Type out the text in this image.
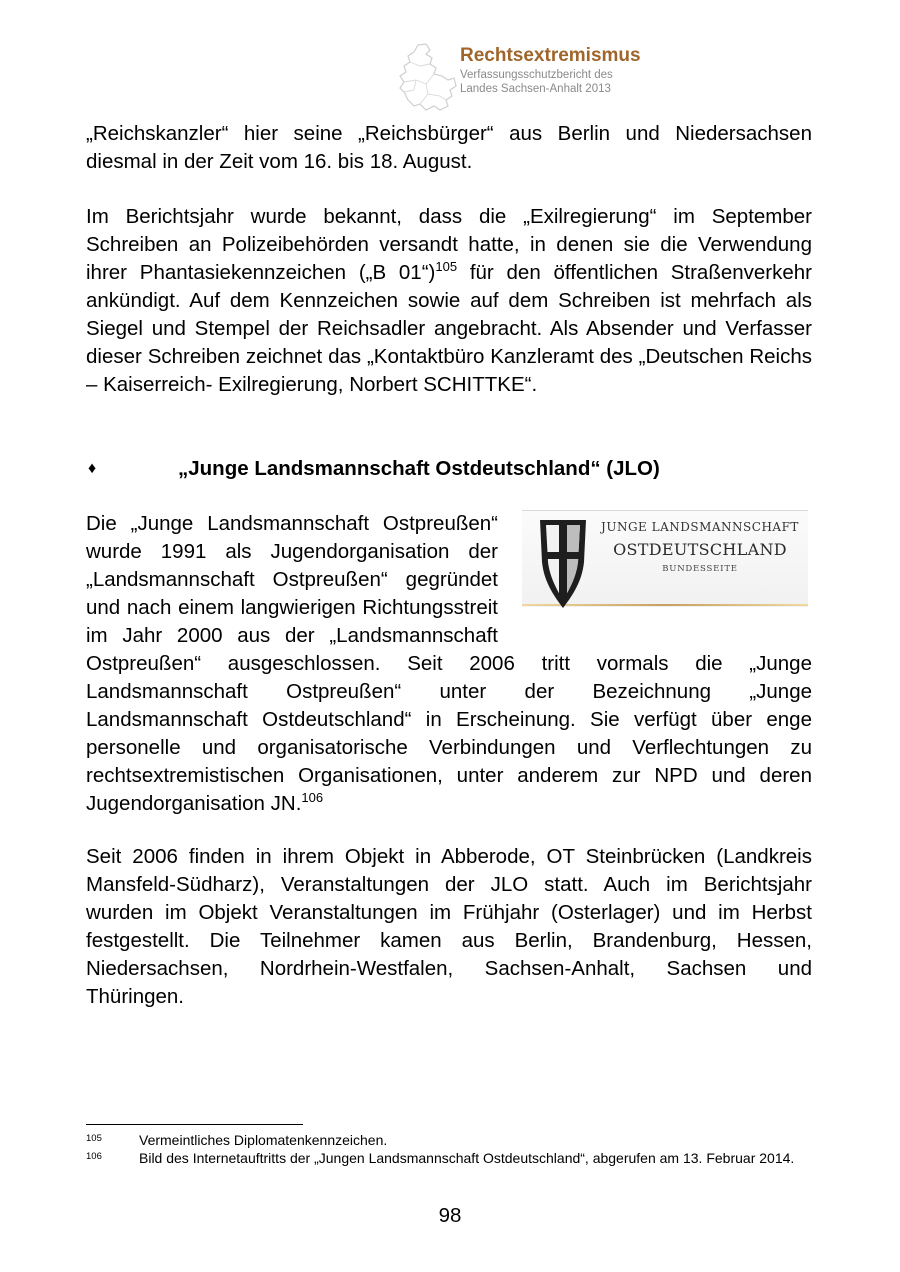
Rechtsextremismus
Verfassungsschutzbericht des
Landes Sachsen-Anhalt 2013

„Reichskanzler“ hier seine „Reichsbürger“ aus Berlin und Niedersachsen diesmal in der Zeit vom 16. bis 18. August.

Im Berichtsjahr wurde bekannt, dass die „Exilregierung“ im September Schreiben an Polizeibehörden versandt hatte, in denen sie die Verwendung ihrer Phantasiekennzeichen („B 01“)$^{105}$ für den öffentlichen Straßenverkehr ankündigt. Auf dem Kennzeichen sowie auf dem Schreiben ist mehrfach als Siegel und Stempel der Reichsadler angebracht. Als Absender und Verfasser dieser Schreiben zeichnet das „Kontaktbüro Kanzleramt des „Deutschen Reichs – Kaiserreich- Exilregierung, Norbert SCHITTKE“.

♦	„Junge Landsmannschaft Ostdeutschland“ (JLO)

Die „Junge Landsmannschaft Ostpreußen“ wurde 1991 als Jugendorganisation der „Landsmannschaft Ostpreußen“ gegründet und nach einem langwierigen Richtungsstreit im Jahr 2000 aus der „Landsmannschaft Ostpreußen“ ausgeschlossen. Seit 2006 tritt vormals die „Junge Landsmannschaft Ostpreußen“ unter der Bezeichnung „Junge Landsmannschaft Ostdeutschland“ in Erscheinung. Sie verfügt über enge personelle und organisatorische Verbindungen und Verflechtungen zu rechtsextremistischen Organisationen, unter anderem zur NPD und deren Jugendorganisation JN.$^{106}$

JUNGE LANDSMANNSCHAFT
OSTDEUTSCHLAND
BUNDESSEITE

Seit 2006 finden in ihrem Objekt in Abberode, OT Steinbrücken (Landkreis Mansfeld-Südharz), Veranstaltungen der JLO statt. Auch im Berichtsjahr wurden im Objekt Veranstaltungen im Frühjahr (Osterlager) und im Herbst festgestellt. Die Teilnehmer kamen aus Berlin, Brandenburg, Hessen, Niedersachsen, Nordrhein-Westfalen, Sachsen-Anhalt, Sachsen und Thüringen.

105	Vermeintliches Diplomatenkennzeichen.
106	Bild des Internetauftritts der „Jungen Landsmannschaft Ostdeutschland“, abgerufen am 13. Februar 2014.
98
